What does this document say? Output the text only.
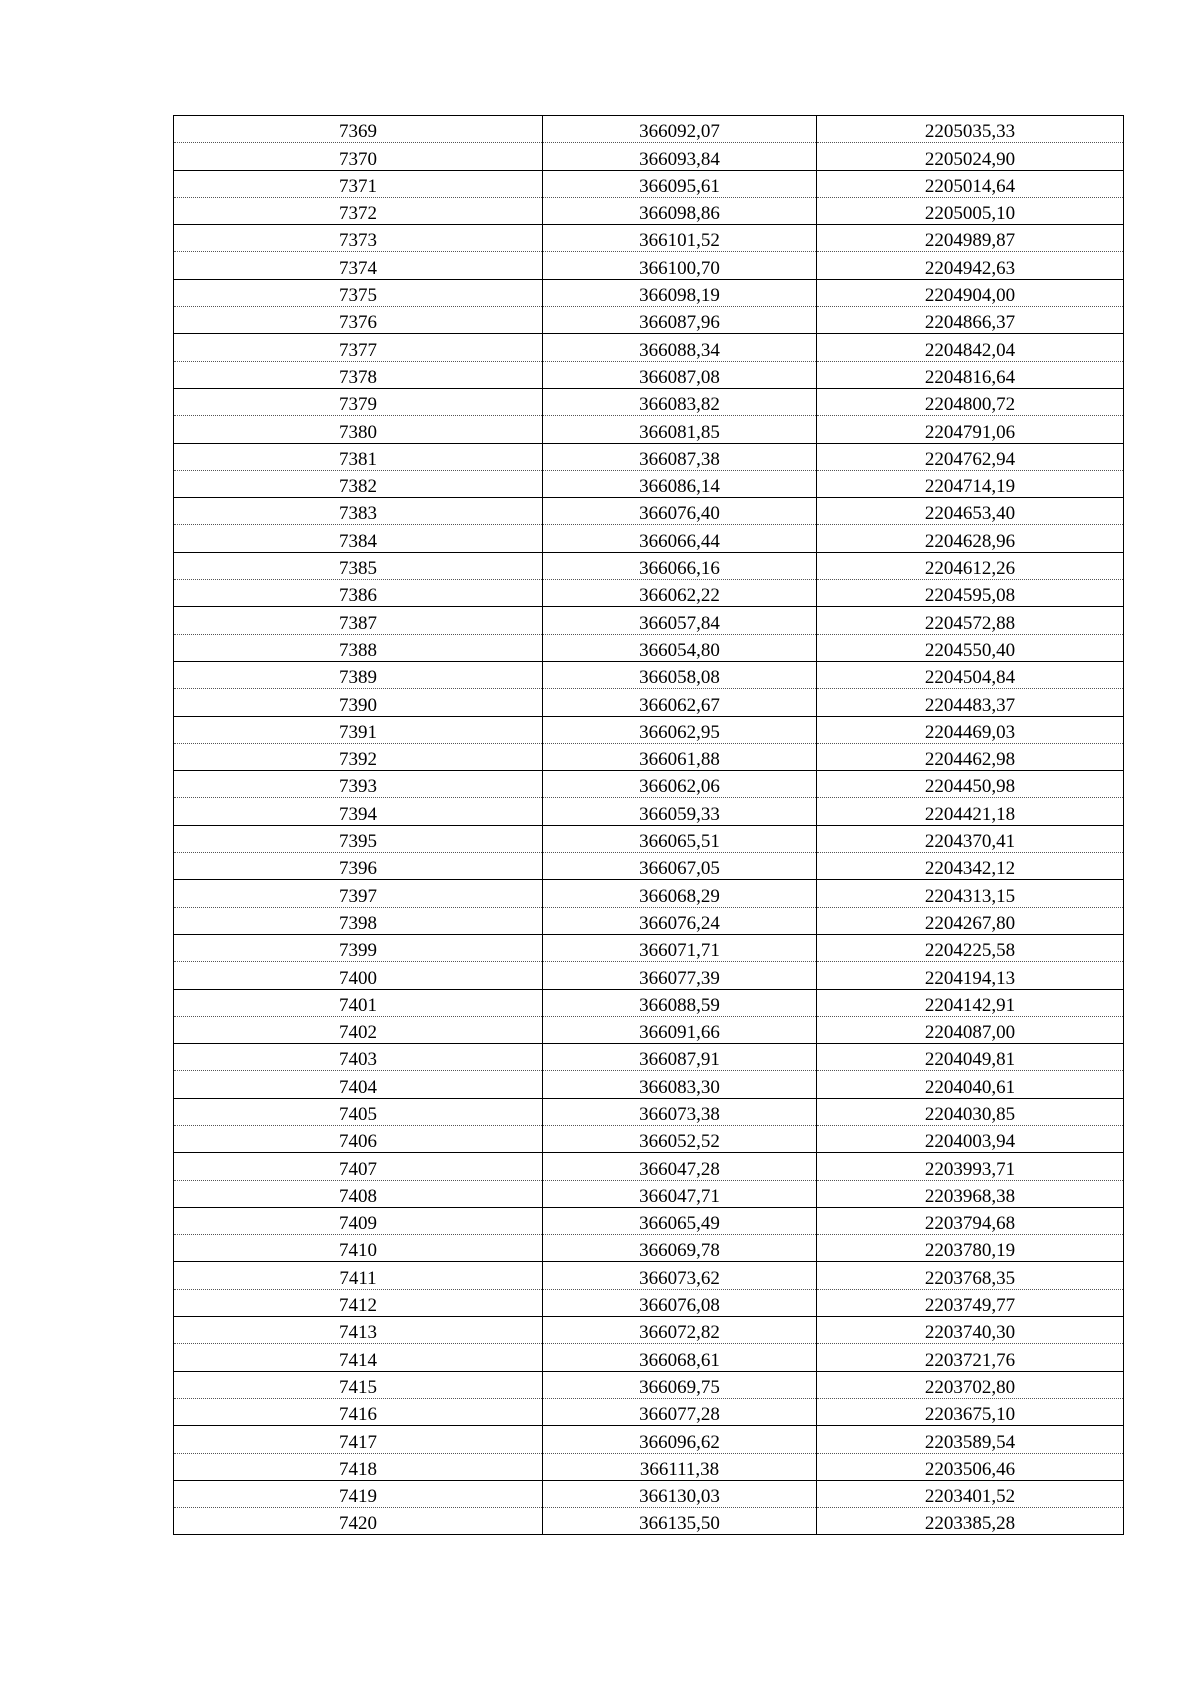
7369	366092,07	2205035,33
7370	366093,84	2205024,90
7371	366095,61	2205014,64
7372	366098,86	2205005,10
7373	366101,52	2204989,87
7374	366100,70	2204942,63
7375	366098,19	2204904,00
7376	366087,96	2204866,37
7377	366088,34	2204842,04
7378	366087,08	2204816,64
7379	366083,82	2204800,72
7380	366081,85	2204791,06
7381	366087,38	2204762,94
7382	366086,14	2204714,19
7383	366076,40	2204653,40
7384	366066,44	2204628,96
7385	366066,16	2204612,26
7386	366062,22	2204595,08
7387	366057,84	2204572,88
7388	366054,80	2204550,40
7389	366058,08	2204504,84
7390	366062,67	2204483,37
7391	366062,95	2204469,03
7392	366061,88	2204462,98
7393	366062,06	2204450,98
7394	366059,33	2204421,18
7395	366065,51	2204370,41
7396	366067,05	2204342,12
7397	366068,29	2204313,15
7398	366076,24	2204267,80
7399	366071,71	2204225,58
7400	366077,39	2204194,13
7401	366088,59	2204142,91
7402	366091,66	2204087,00
7403	366087,91	2204049,81
7404	366083,30	2204040,61
7405	366073,38	2204030,85
7406	366052,52	2204003,94
7407	366047,28	2203993,71
7408	366047,71	2203968,38
7409	366065,49	2203794,68
7410	366069,78	2203780,19
7411	366073,62	2203768,35
7412	366076,08	2203749,77
7413	366072,82	2203740,30
7414	366068,61	2203721,76
7415	366069,75	2203702,80
7416	366077,28	2203675,10
7417	366096,62	2203589,54
7418	366111,38	2203506,46
7419	366130,03	2203401,52
7420	366135,50	2203385,28
